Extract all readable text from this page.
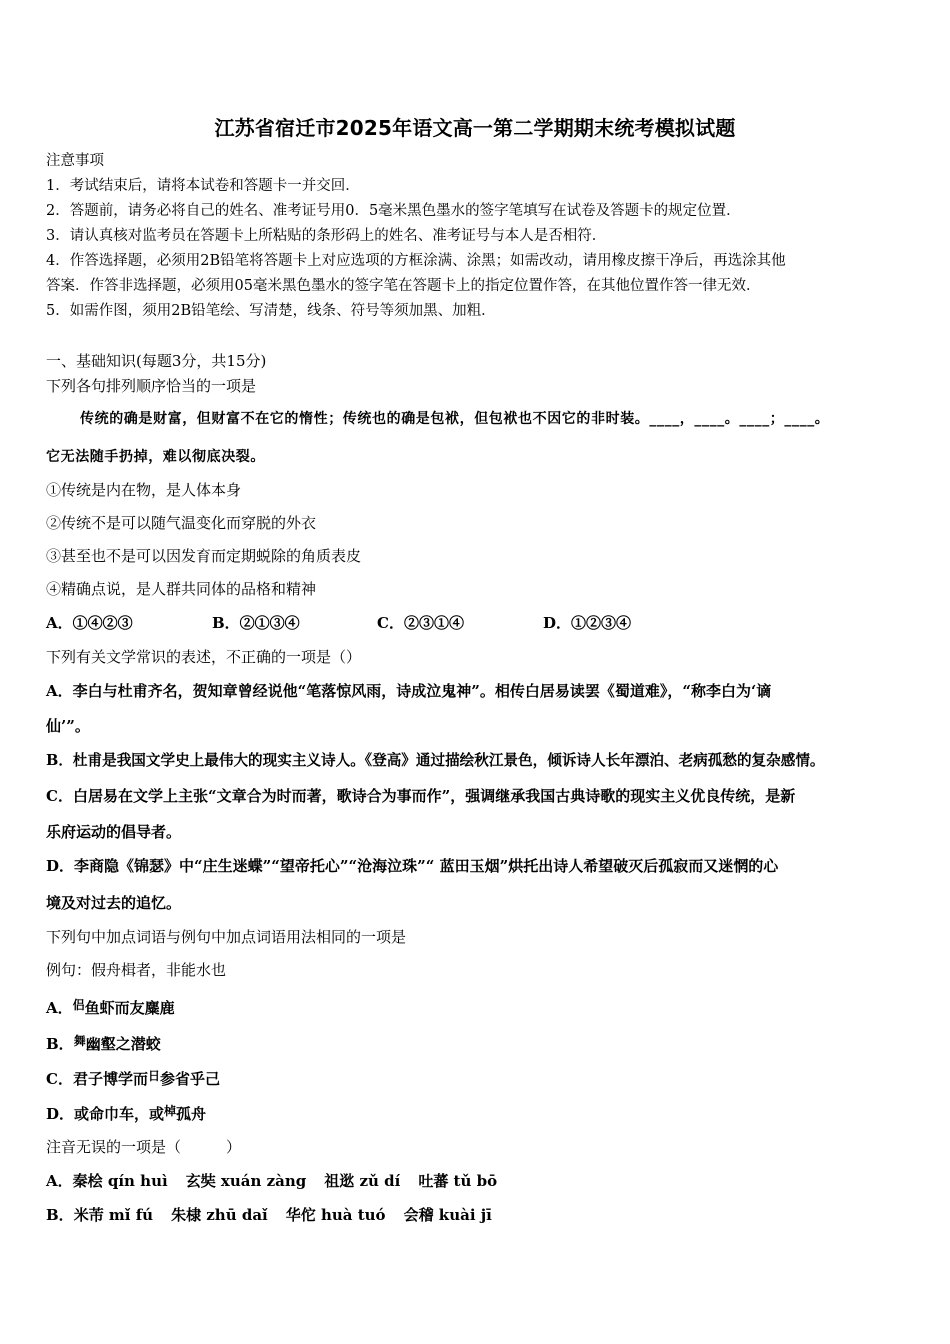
江苏省宿迁市2025年语文高一第二学期期末统考模拟试题
注意事项
1．考试结束后，请将本试卷和答题卡一并交回．
2．答题前，请务必将自己的姓名、准考证号用0．5毫米黑色墨水的签字笔填写在试卷及答题卡的规定位置．
3．请认真核对监考员在答题卡上所粘贴的条形码上的姓名、准考证号与本人是否相符．
4．作答选择题，必须用2B铅笔将答题卡上对应选项的方框涂满、涂黑；如需改动，请用橡皮擦干净后，再选涂其他
答案．作答非选择题，必须用05毫米黑色墨水的签字笔在答题卡上的指定位置作答，在其他位置作答一律无效．
5．如需作图，须用2B铅笔绘、写清楚，线条、符号等须加黑、加粗．
一、基础知识(每题3分，共15分)
下列各句排列顺序恰当的一项是
传统的确是财富，但财富不在它的惰性；传统也的确是包袱，但包袱也不因它的非时装。____，____。____；____。
它无法随手扔掉，难以彻底决裂。
①传统是内在物，是人体本身
②传统不是可以随气温变化而穿脱的外衣
③甚至也不是可以因发育而定期蜕除的角质表皮
④精确点说，是人群共同体的品格和精神
A．①④②③	B．②①③④	C．②③①④	D．①②③④
下列有关文学常识的表述，不正确的一项是（）
A．李白与杜甫齐名，贺知章曾经说他“笔落惊风雨，诗成泣鬼神”。相传白居易读罢《蜀道难》，“称李白为‘谪
仙’”。
B．杜甫是我国文学史上最伟大的现实主义诗人。《登高》通过描绘秋江景色，倾诉诗人长年漂泊、老病孤愁的复杂感情。
C．白居易在文学上主张“文章合为时而著，歌诗合为事而作”，强调继承我国古典诗歌的现实主义优良传统，是新
乐府运动的倡导者。
D．李商隐《锦瑟》中“庄生迷蝶”“望帝托心”“沧海泣珠”“ 蓝田玉烟”烘托出诗人希望破灭后孤寂而又迷惘的心
境及对过去的追忆。
下列句中加点词语与例句中加点词语用法相同的一项是
例句：假舟楫者，非能水也
A．$^侣$鱼虾而友麋鹿
B．$^舞$幽壑之潜蛟
C．君子博学而$^日$参省乎己
D．或命巾车，或$^棹$孤舟
注音无误的一项是（　　　）
A．秦桧 qín huì 玄奘 xuán zàng 祖逖 zǔ dí 吐蕃 tǔ bō
B．米芾 mǐ fú 朱棣 zhū daǐ 华佗 huà tuó 会稽 kuài jī
